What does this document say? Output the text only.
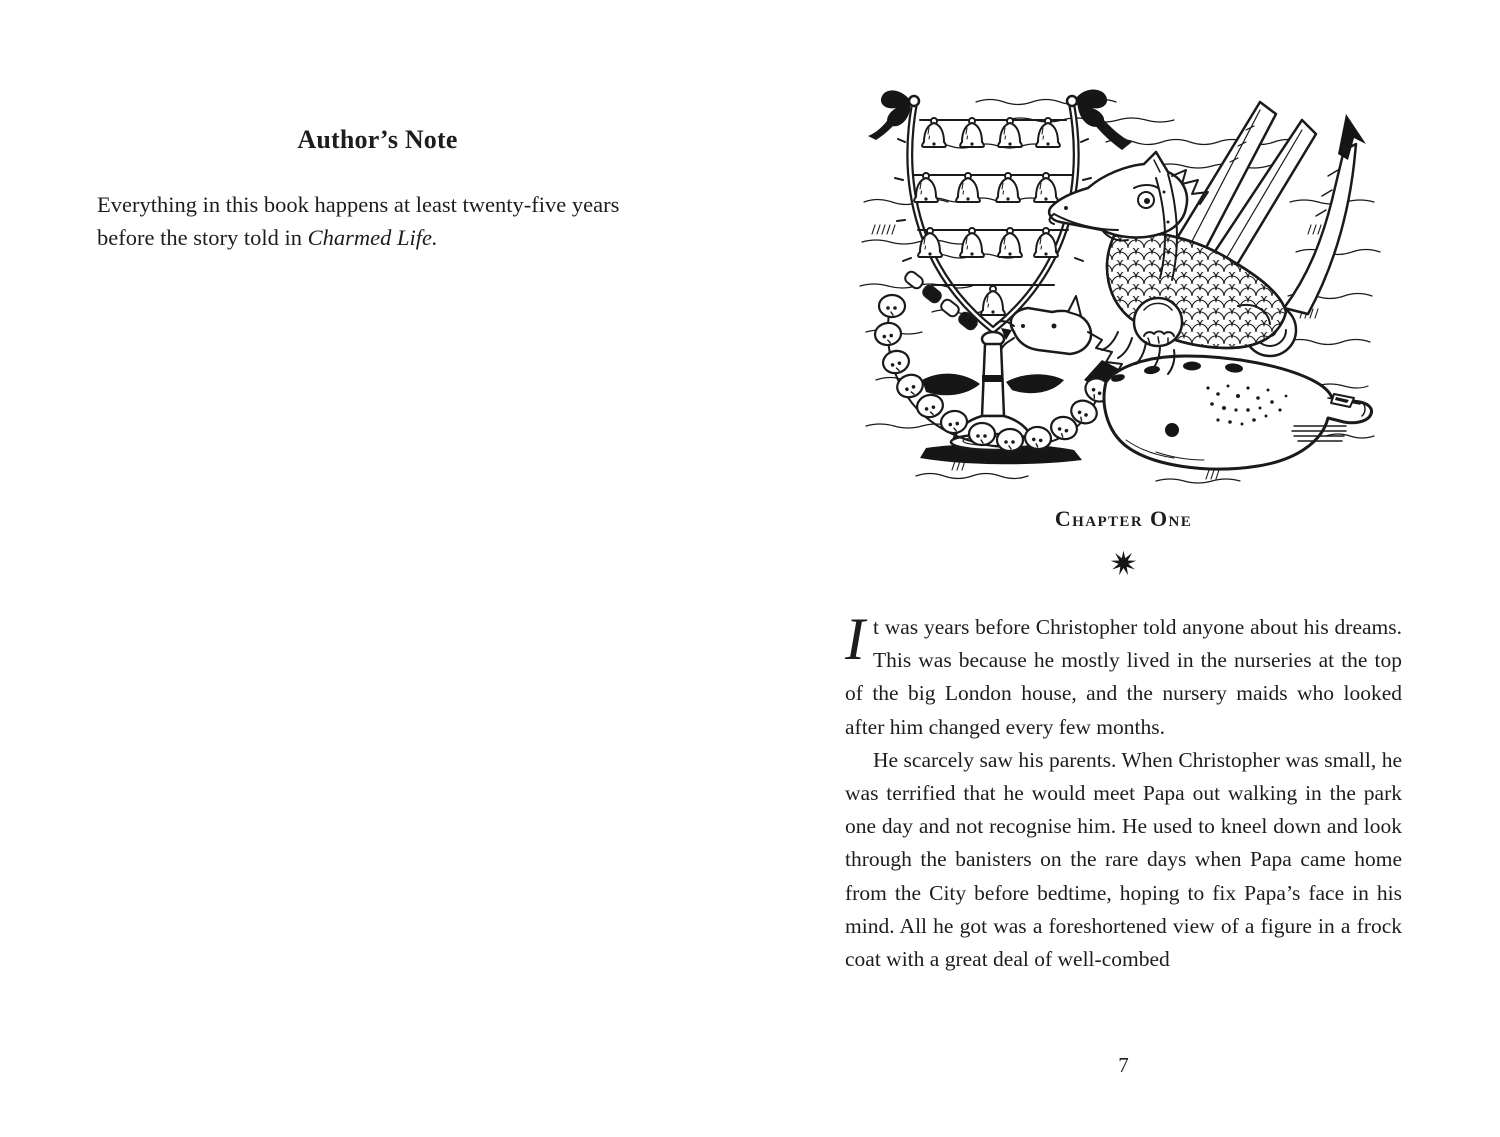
Author’s Note
Everything in this book happens at least twenty-five years before the story told in Charmed Life.
Chapter One

It was years before Christopher told anyone about his dreams. This was because he mostly lived in the nurseries at the top of the big London house, and the nursery maids who looked after him changed every few months.

He scarcely saw his parents. When Christopher was small, he was terrified that he would meet Papa out walking in the park one day and not recognise him. He used to kneel down and look through the banisters on the rare days when Papa came home from the City before bedtime, hoping to fix Papa’s face in his mind. All he got was a foreshortened view of a figure in a frock coat with a great deal of well-combed

7
